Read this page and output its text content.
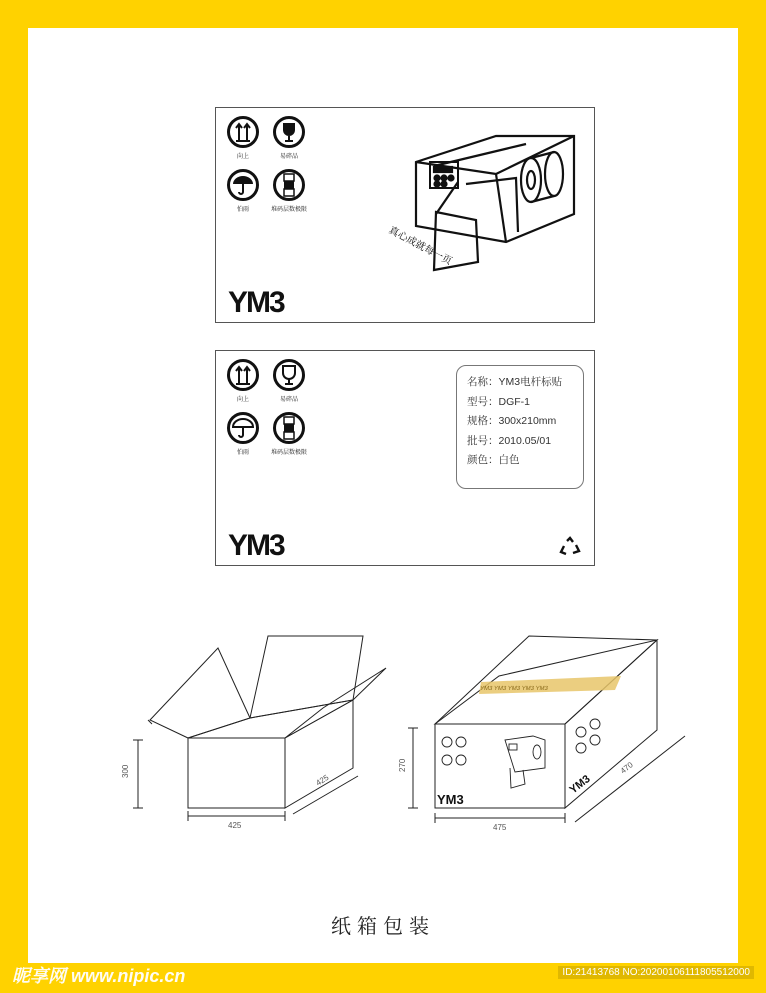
向上	易碎品
怕雨	堆码层数极限
YM3
真心成就每一页
向上	易碎品
怕雨	堆码层数极限
名称：YM3电杆标贴
型号：DGF-1
规格：300x210mm
批号：2010.05/01
颜色：白色
YM3
300
425
425
YM3 YM3 YM3 YM3 YM3
YM3
YM3
270
475
470
纸箱包装
昵享网 www.nipic.cn	ID:21413768 NO:20200106111805512000
